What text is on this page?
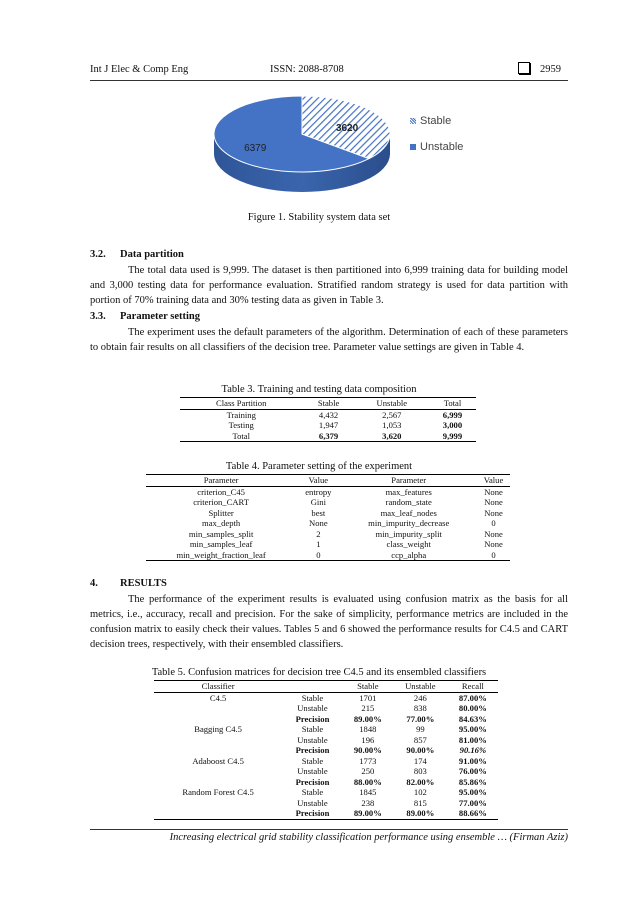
Int J Elec & Comp Eng	ISSN: 2088-8708	2959
3620
6379
Stable
Unstable
Figure 1. Stability system data set
3.2. Data partition

The total data used is 9,999. The dataset is then partitioned into 6,999 training data for building model and 3,000 testing data for performance evaluation. Stratified random strategy is used for data partition with portion of 70% training data and 30% testing data as given in Table 3.

3.3. Parameter setting

The experiment uses the default parameters of the algorithm. Determination of each of these parameters to obtain fair results on all classifiers of the decision tree. Parameter value settings are given in Table 4.

Table 3. Training and testing data composition
Class Partition	Stable	Unstable	Total
Training	4,432	2,567	6,999
Testing	1,947	1,053	3,000
Total	6,379	3,620	9,999
Table 4. Parameter setting of the experiment
Parameter	Value	Parameter	Value
criterion_C45	entropy	max_features	None
criterion_CART	Gini	random_state	None
Splitter	best	max_leaf_nodes	None
max_depth	None	min_impurity_decrease	0
min_samples_split	2	min_impurity_split	None
min_samples_leaf	1	class_weight	None
min_weight_fraction_leaf	0	ccp_alpha	0
4. RESULTS

The performance of the experiment results is evaluated using confusion matrix as the basis for all metrics, i.e., accuracy, recall and precision. For the sake of simplicity, performance metrics are included in the confusion matrix to easily check their values. Tables 5 and 6 showed the performance results for C4.5 and CART decision trees, respectively, with their ensembled classifiers.

Table 5. Confusion matrices for decision tree C4.5 and its ensembled classifiers
Classifier		Stable	Unstable	Recall
C4.5	Stable	1701	246	87.00%
	Unstable	215	838	80.00%
	Precision	89.00%	77.00%	84.63%
Bagging C4.5	Stable	1848	99	95.00%
	Unstable	196	857	81.00%
	Precision	90.00%	90.00%	90.16%
Adaboost C4.5	Stable	1773	174	91.00%
	Unstable	250	803	76.00%
	Precision	88.00%	82.00%	85.86%
Random Forest C4.5	Stable	1845	102	95.00%
	Unstable	238	815	77.00%
	Precision	89.00%	89.00%	88.66%
Increasing electrical grid stability classification performance using ensemble … (Firman Aziz)
